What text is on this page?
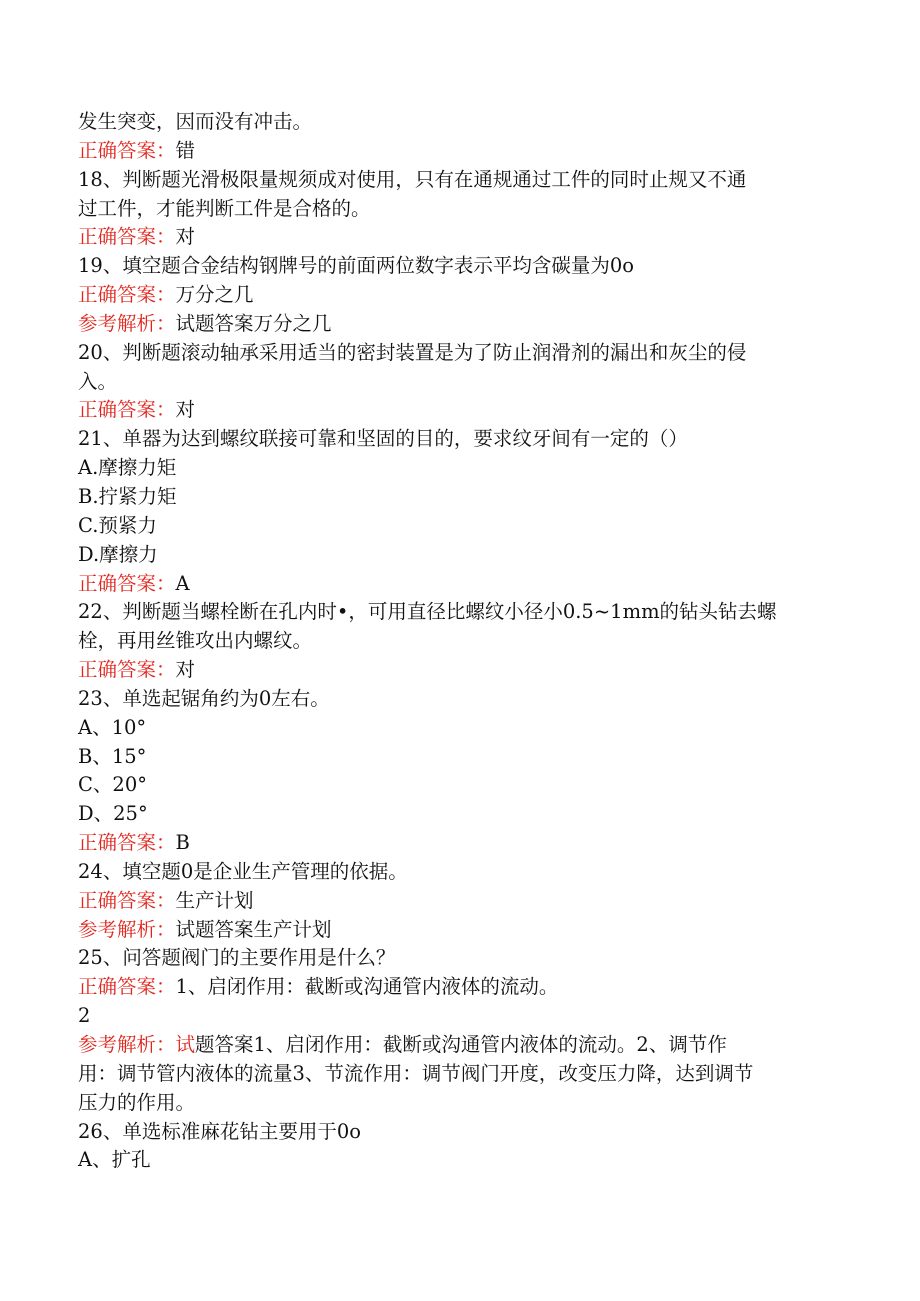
发生突变，因而没有冲击。
正确答案：错
18、判断题光滑极限量规须成对使用，只有在通规通过工件的同时止规又不通
过工件，才能判断工件是合格的。
正确答案：对
19、填空题合金结构钢牌号的前面两位数字表示平均含碳量为0o
正确答案：万分之几
参考解析：试题答案万分之几
20、判断题滚动轴承采用适当的密封装置是为了防止润滑剂的漏出和灰尘的侵
入。
正确答案：对
21、单器为达到螺纹联接可靠和坚固的目的，要求纹牙间有一定的（）
A.摩擦力矩
B.拧紧力矩
C.预紧力
D.摩擦力
正确答案：A
22、判断题当螺栓断在孔内时•，可用直径比螺纹小径小0.5~1mm的钻头钻去螺
栓，再用丝锥攻出内螺纹。
正确答案：对
23、单选起锯角约为0左右。
A、10°
B、15°
C、20°
D、25°
正确答案：B
24、填空题0是企业生产管理的依据。
正确答案：生产计划
参考解析：试题答案生产计划
25、问答题阀门的主要作用是什么？
正确答案：1、启闭作用：截断或沟通管内液体的流动。
2
参考解析：试题答案1、启闭作用：截断或沟通管内液体的流动。2、调节作
用：调节管内液体的流量3、节流作用：调节阀门开度，改变压力降，达到调节
压力的作用。
26、单选标准麻花钻主要用于0o
A、扩孔
